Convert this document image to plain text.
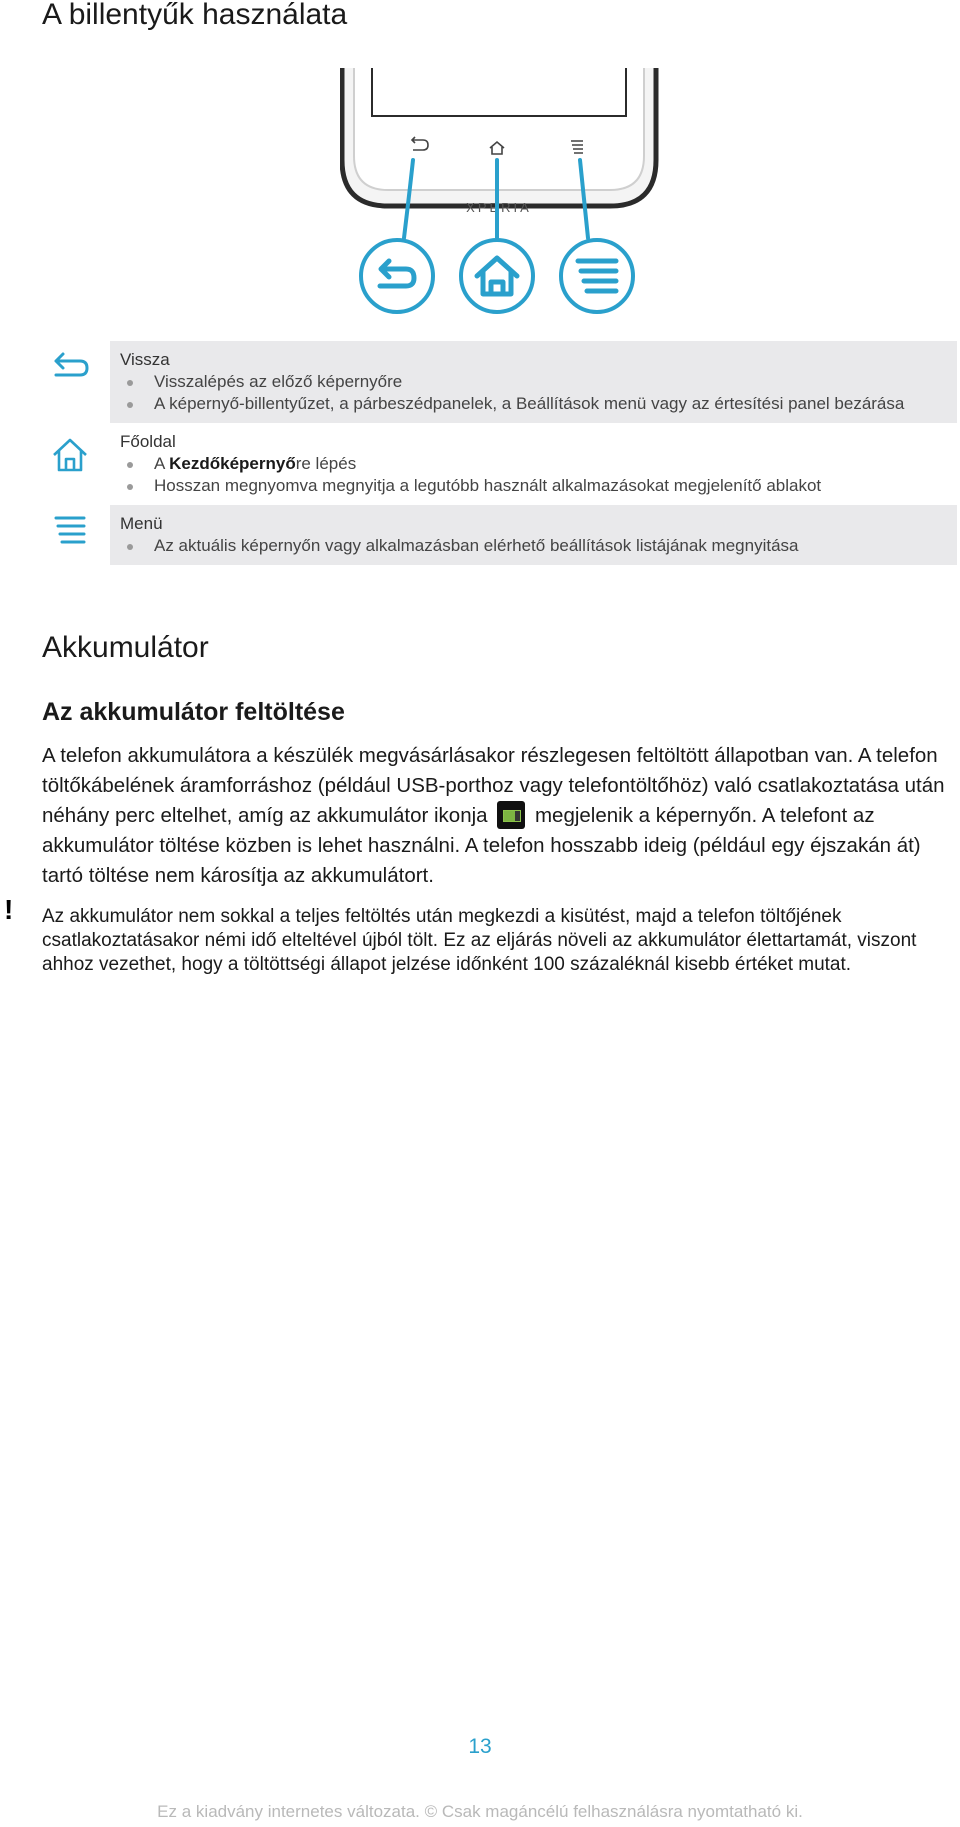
A billentyűk használata
XPERIA
Vissza
Visszalépés az előző képernyőre
A képernyő-billentyűzet, a párbeszédpanelek, a Beállítások menü vagy az értesítési panel bezárása
Főoldal
A Kezdőképernyőre lépés
Hosszan megnyomva megnyitja a legutóbb használt alkalmazásokat megjelenítő ablakot
Menü
Az aktuális képernyőn vagy alkalmazásban elérhető beállítások listájának megnyitása
Akkumulátor
Az akkumulátor feltöltése

A telefon akkumulátora a készülék megvásárlásakor részlegesen feltöltött állapotban van. A telefon töltőkábelének áramforráshoz (például USB-porthoz vagy telefontöltőhöz) való csatlakoztatása után néhány perc eltelhet, amíg az akkumulátor ikonja megjelenik a képernyőn. A telefont az akkumulátor töltése közben is lehet használni. A telefon hosszabb ideig (például egy éjszakán át) tartó töltése nem károsítja az akkumulátort.

! Az akkumulátor nem sokkal a teljes feltöltés után megkezdi a kisütést, majd a telefon töltőjének csatlakoztatásakor némi idő elteltével újból tölt. Ez az eljárás növeli az akkumulátor élettartamát, viszont ahhoz vezethet, hogy a töltöttségi állapot jelzése időnként 100 százaléknál kisebb értéket mutat.

13
Ez a kiadvány internetes változata. © Csak magáncélú felhasználásra nyomtatható ki.
